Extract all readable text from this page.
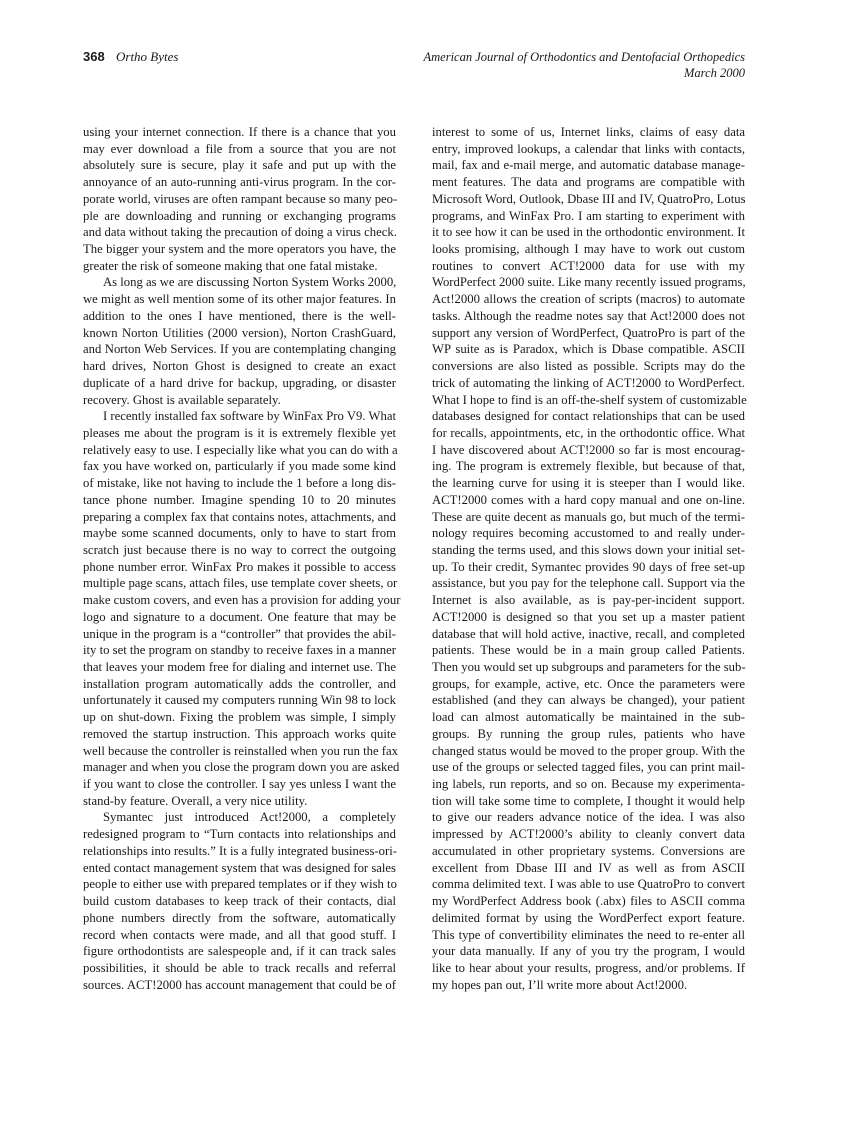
368 Ortho Bytes	American Journal of Orthodontics and Dentofacial Orthopedics
March 2000
using your internet connection. If there is a chance that you
may ever download a file from a source that you are not
absolutely sure is secure, play it safe and put up with the
annoyance of an auto-running anti-virus program. In the cor-
porate world, viruses are often rampant because so many peo-
ple are downloading and running or exchanging programs
and data without taking the precaution of doing a virus check.
The bigger your system and the more operators you have, the
greater the risk of someone making that one fatal mistake.
As long as we are discussing Norton System Works 2000,
we might as well mention some of its other major features. In
addition to the ones I have mentioned, there is the well-
known Norton Utilities (2000 version), Norton CrashGuard,
and Norton Web Services. If you are contemplating changing
hard drives, Norton Ghost is designed to create an exact
duplicate of a hard drive for backup, upgrading, or disaster
recovery. Ghost is available separately.
I recently installed fax software by WinFax Pro V9. What
pleases me about the program is it is extremely flexible yet
relatively easy to use. I especially like what you can do with a
fax you have worked on, particularly if you made some kind
of mistake, like not having to include the 1 before a long dis-
tance phone number. Imagine spending 10 to 20 minutes
preparing a complex fax that contains notes, attachments, and
maybe some scanned documents, only to have to start from
scratch just because there is no way to correct the outgoing
phone number error. WinFax Pro makes it possible to access
multiple page scans, attach files, use template cover sheets, or
make custom covers, and even has a provision for adding your
logo and signature to a document. One feature that may be
unique in the program is a “controller” that provides the abil-
ity to set the program on standby to receive faxes in a manner
that leaves your modem free for dialing and internet use. The
installation program automatically adds the controller, and
unfortunately it caused my computers running Win 98 to lock
up on shut-down. Fixing the problem was simple, I simply
removed the startup instruction. This approach works quite
well because the controller is reinstalled when you run the fax
manager and when you close the program down you are asked
if you want to close the controller. I say yes unless I want the
stand-by feature. Overall, a very nice utility.
Symantec just introduced Act!2000, a completely
redesigned program to “Turn contacts into relationships and
relationships into results.” It is a fully integrated business-ori-
ented contact management system that was designed for sales
people to either use with prepared templates or if they wish to
build custom databases to keep track of their contacts, dial
phone numbers directly from the software, automatically
record when contacts were made, and all that good stuff. I
figure orthodontists are salespeople and, if it can track sales
possibilities, it should be able to track recalls and referral
sources. ACT!2000 has account management that could be of
interest to some of us, Internet links, claims of easy data
entry, improved lookups, a calendar that links with contacts,
mail, fax and e-mail merge, and automatic database manage-
ment features. The data and programs are compatible with
Microsoft Word, Outlook, Dbase III and IV, QuatroPro, Lotus
programs, and WinFax Pro. I am starting to experiment with
it to see how it can be used in the orthodontic environment. It
looks promising, although I may have to work out custom
routines to convert ACT!2000 data for use with my
WordPerfect 2000 suite. Like many recently issued programs,
Act!2000 allows the creation of scripts (macros) to automate
tasks. Although the readme notes say that Act!2000 does not
support any version of WordPerfect, QuatroPro is part of the
WP suite as is Paradox, which is Dbase compatible. ASCII
conversions are also listed as possible. Scripts may do the
trick of automating the linking of ACT!2000 to WordPerfect.
What I hope to find is an off-the-shelf system of customizable
databases designed for contact relationships that can be used
for recalls, appointments, etc, in the orthodontic office. What
I have discovered about ACT!2000 so far is most encourag-
ing. The program is extremely flexible, but because of that,
the learning curve for using it is steeper than I would like.
ACT!2000 comes with a hard copy manual and one on-line.
These are quite decent as manuals go, but much of the termi-
nology requires becoming accustomed to and really under-
standing the terms used, and this slows down your initial set-
up. To their credit, Symantec provides 90 days of free set-up
assistance, but you pay for the telephone call. Support via the
Internet is also available, as is pay-per-incident support.
ACT!2000 is designed so that you set up a master patient
database that will hold active, inactive, recall, and completed
patients. These would be in a main group called Patients.
Then you would set up subgroups and parameters for the sub-
groups, for example, active, etc. Once the parameters were
established (and they can always be changed), your patient
load can almost automatically be maintained in the sub-
groups. By running the group rules, patients who have
changed status would be moved to the proper group. With the
use of the groups or selected tagged files, you can print mail-
ing labels, run reports, and so on. Because my experimenta-
tion will take some time to complete, I thought it would help
to give our readers advance notice of the idea. I was also
impressed by ACT!2000’s ability to cleanly convert data
accumulated in other proprietary systems. Conversions are
excellent from Dbase III and IV as well as from ASCII
comma delimited text. I was able to use QuatroPro to convert
my WordPerfect Address book (.abx) files to ASCII comma
delimited format by using the WordPerfect export feature.
This type of convertibility eliminates the need to re-enter all
your data manually. If any of you try the program, I would
like to hear about your results, progress, and/or problems. If
my hopes pan out, I’ll write more about Act!2000.
